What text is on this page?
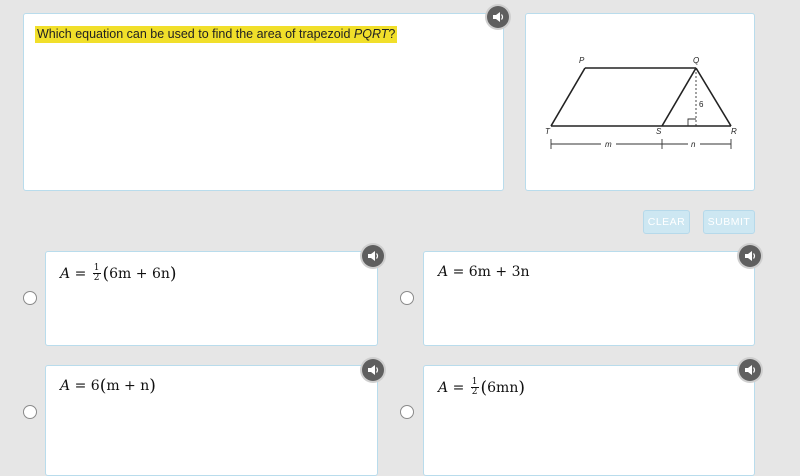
Which equation can be used to find the area of trapezoid PQRT?
P	Q
T	S	R
6
m	n
CLEAR	SUBMIT
$A = \frac{1}{2}$ ( 6m + 6n )	A = 6m + 3n
A = 6 ( m + n )	$A = \frac{1}{2}$ ( 6mn )
